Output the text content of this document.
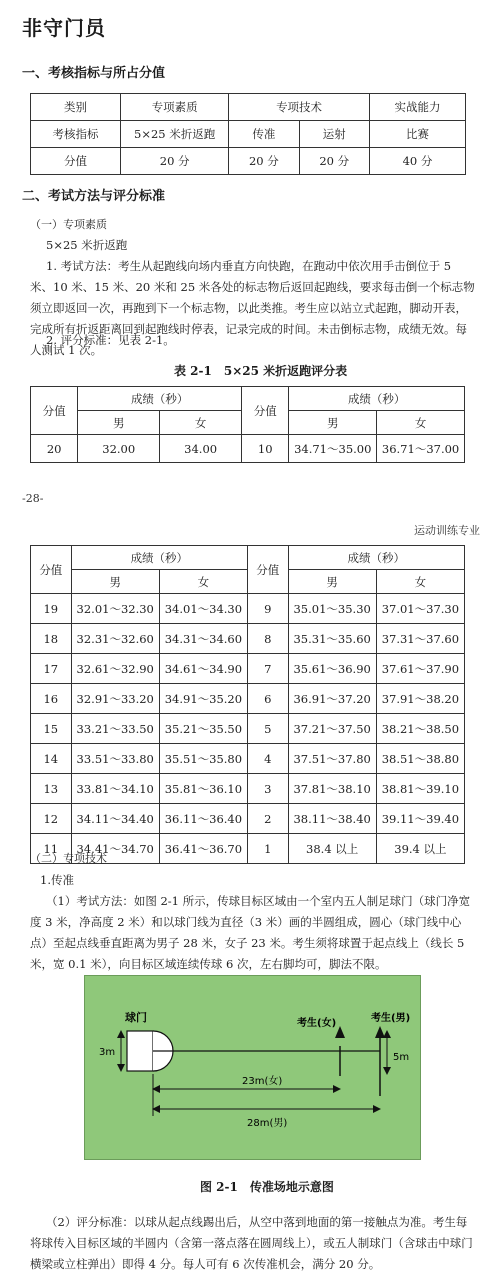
非守门员
一、考核指标与所占分值
类别	专项素质	专项技术		实战能力
考核指标	5×25 米折返跑	传准	运射	比赛
分值	20 分	20 分	20 分	40 分
二、考试方法与评分标准
（一）专项素质
5×25 米折返跑
1. 考试方法：考生从起跑线向场内垂直方向快跑，在跑动中依次用手击倒位于 5 米、10 米、15 米、20 米和 25 米各处的标志物后返回起跑线，要求每击倒一个标志物须立即返回一次，再跑到下一个标志物，以此类推。考生应以站立式起跑，脚动开表，完成所有折返距离回到起跑线时停表，记录完成的时间。未击倒标志物，成绩无效。每人测试 1 次。
2. 评分标准：见表 2-1。
表 2-1　5×25 米折返跑评分表
分值	成绩（秒）		分值	成绩（秒）	
	男	女		男	女
20	32.00	34.00	10	34.71～35.00	36.71～37.00
-28-
运动训练专业
分值	成绩（秒）		分值	成绩（秒）	
	男	女		男	女
19	32.01～32.30	34.01～34.30	9	35.01～35.30	37.01～37.30
18	32.31～32.60	34.31～34.60	8	35.31～35.60	37.31～37.60
17	32.61～32.90	34.61～34.90	7	35.61～36.90	37.61～37.90
16	32.91～33.20	34.91～35.20	6	36.91～37.20	37.91～38.20
15	33.21～33.50	35.21～35.50	5	37.21～37.50	38.21～38.50
14	33.51～33.80	35.51～35.80	4	37.51～37.80	38.51～38.80
13	33.81～34.10	35.81～36.10	3	37.81～38.10	38.81～39.10
12	34.11～34.40	36.11～36.40	2	38.11～38.40	39.11～39.40
11	34.41～34.70	36.41～36.70	1	38.4 以上	39.4 以上
（二）专项技术
1.传准
（1）考试方法：如图 2-1 所示，传球目标区域由一个室内五人制足球门（球门净宽度 3 米，净高度 2 米）和以球门线为直径（3 米）画的半圆组成，圆心（球门线中心点）至起点线垂直距离为男子 28 米，女子 23 米。考生须将球置于起点线上（线长 5 米，宽 0.1 米），向目标区域连续传球 6 次，左右脚均可，脚法不限。
球门
3m
考生(女)	考生(男)
5m
23m(女)
28m(男)
图 2-1　传准场地示意图
（2）评分标准：以球从起点线踢出后，从空中落到地面的第一接触点为准。考生每将球传入目标区域的半圆内（含第一落点落在圆周线上），或五人制球门（含球击中球门横梁或立柱弹出）即得 4 分。每人可有 6 次传准机会，满分 20 分。
